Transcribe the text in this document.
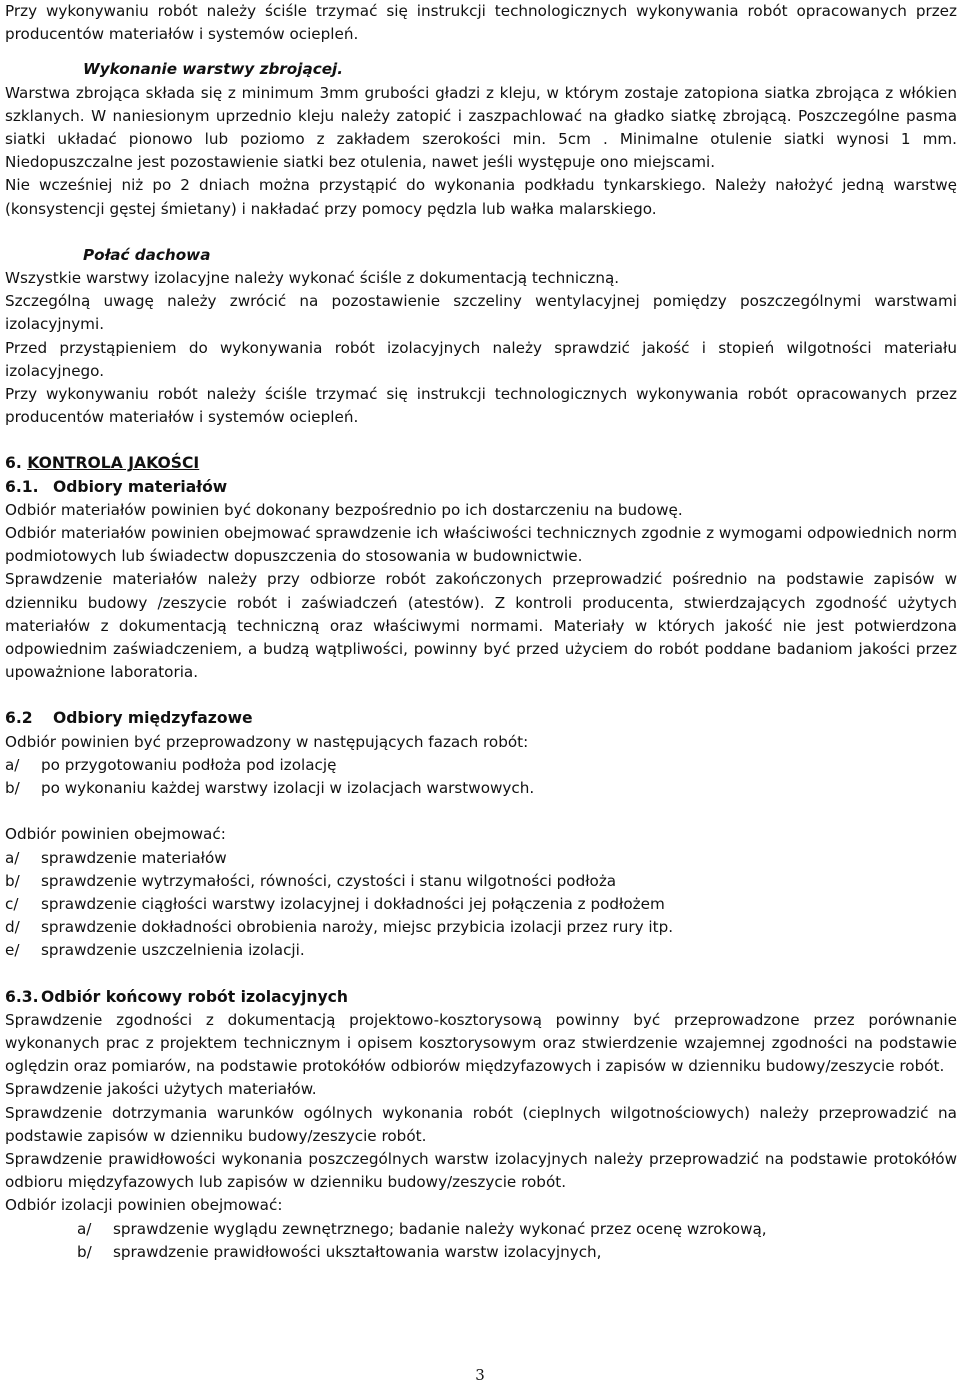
Przy wykonywaniu robót należy ściśle trzymać się instrukcji technologicznych wykonywania robót opracowanych przez producentów materiałów i systemów ociepleń.

Wykonanie warstwy zbrojącej.

Warstwa zbrojąca składa się z minimum 3mm grubości gładzi z kleju, w którym zostaje zatopiona siatka zbrojąca z włókien szklanych. W naniesionym uprzednio kleju należy zatopić i zaszpachlować na gładko siatkę zbrojącą. Poszczególne pasma siatki układać pionowo lub poziomo z zakładem szerokości min. 5cm . Minimalne otulenie siatki wynosi 1 mm. Niedopuszczalne jest pozostawienie siatki bez otulenia, nawet jeśli występuje ono miejscami.

Nie wcześniej niż po 2 dniach można przystąpić do wykonania podkładu tynkarskiego. Należy nałożyć jedną warstwę (konsystencji gęstej śmietany) i nakładać przy pomocy pędzla lub wałka malarskiego.

Połać dachowa

Wszystkie warstwy izolacyjne należy wykonać ściśle z dokumentacją techniczną.

Szczególną uwagę należy zwrócić na pozostawienie szczeliny wentylacyjnej pomiędzy poszczególnymi warstwami izolacyjnymi.

Przed przystąpieniem do wykonywania robót izolacyjnych należy sprawdzić jakość i stopień wilgotności materiału izolacyjnego.

Przy wykonywaniu robót należy ściśle trzymać się instrukcji technologicznych wykonywania robót opracowanych przez producentów materiałów i systemów ociepleń.

6. KONTROLA JAKOŚCI

6.1. Odbiory materiałów

Odbiór materiałów powinien być dokonany bezpośrednio po ich dostarczeniu na budowę.

Odbiór materiałów powinien obejmować sprawdzenie ich właściwości technicznych zgodnie z wymogami odpowiednich norm podmiotowych lub świadectw dopuszczenia do stosowania w budownictwie.

Sprawdzenie materiałów należy przy odbiorze robót zakończonych przeprowadzić pośrednio na podstawie zapisów w dzienniku budowy /zeszycie robót i zaświadczeń (atestów). Z kontroli producenta, stwierdzających zgodność użytych materiałów z dokumentacją techniczną oraz właściwymi normami. Materiały w których jakość nie jest potwierdzona odpowiednim zaświadczeniem, a budzą wątpliwości, powinny być przed użyciem do robót poddane badaniom jakości przez upoważnione laboratoria.

6.2 Odbiory międzyfazowe

Odbiór powinien być przeprowadzony w następujących fazach robót:

a/ po przygotowaniu podłoża pod izolację

b/ po wykonaniu każdej warstwy izolacji w izolacjach warstwowych.

Odbiór powinien obejmować:

a/ sprawdzenie materiałów

b/ sprawdzenie wytrzymałości, równości, czystości i stanu wilgotności podłoża

c/ sprawdzenie ciągłości warstwy izolacyjnej i dokładności jej połączenia z podłożem

d/ sprawdzenie dokładności obrobienia naroży, miejsc przybicia izolacji przez rury itp.

e/ sprawdzenie uszczelnienia izolacji.

6.3. Odbiór końcowy robót izolacyjnych

Sprawdzenie zgodności z dokumentacją projektowo-kosztorysową powinny być przeprowadzone przez porównanie wykonanych prac z projektem technicznym i opisem kosztorysowym oraz stwierdzenie wzajemnej zgodności na podstawie oględzin oraz pomiarów, na podstawie protokółów odbiorów międzyfazowych i zapisów w dzienniku budowy/zeszycie robót.

Sprawdzenie jakości użytych materiałów.

Sprawdzenie dotrzymania warunków ogólnych wykonania robót (cieplnych wilgotnościowych) należy przeprowadzić na podstawie zapisów w dzienniku budowy/zeszycie robót.

Sprawdzenie prawidłowości wykonania poszczególnych warstw izolacyjnych należy przeprowadzić na podstawie protokółów odbioru międzyfazowych lub zapisów w dzienniku budowy/zeszycie robót.

Odbiór izolacji powinien obejmować:

a/ sprawdzenie wyglądu zewnętrznego; badanie należy wykonać przez ocenę wzrokową,

b/ sprawdzenie prawidłowości ukształtowania warstw izolacyjnych,

3
